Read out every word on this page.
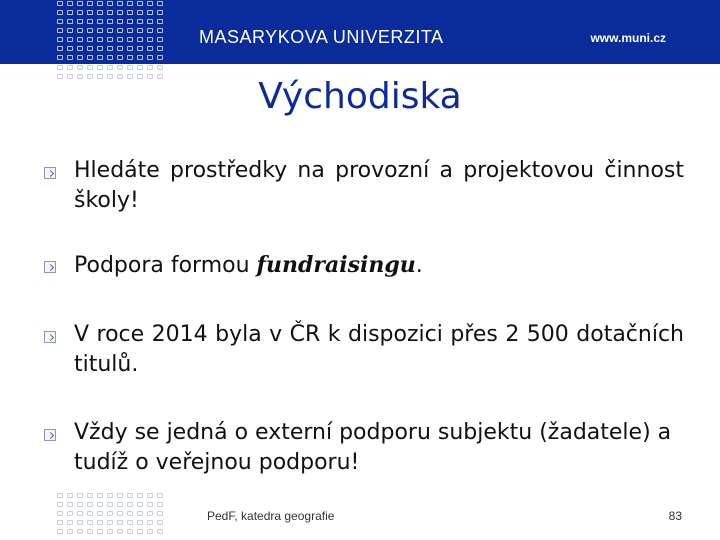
MASARYKOVA UNIVERZITA	www.muni.cz
Východiska
Hledáte prostředky na provozní a projektovou činnost školy!
Podpora formou fundraisingu.
V roce 2014 byla v ČR k dispozici přes 2 500 dotačních titulů.
Vždy se jedná o externí podporu subjektu (žadatele) a tudíž o veřejnou podporu!
PedF, katedra geografie	83
